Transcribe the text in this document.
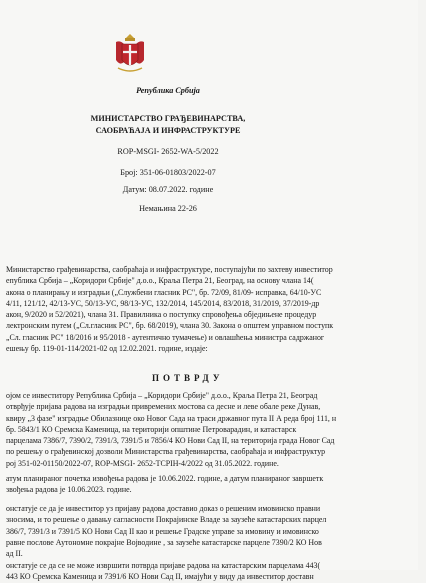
Република Србија
МИНИСТАРСТВО ГРАЂЕВИНАРСТВА,
САОБРАЋАЈА И ИНФРАСТРУКТУРЕ
ROP-MSGI- 2652-WA-5/2022
Број: 351-06-01803/2022-07
Датум: 08.07.2022. године
Немањина 22-26
Министарство грађевинарства, саобраћаја и инфраструктуре, поступајући по захтеву инвеститор
епублика Србија – „Коридори Србије" д.о.о., Краља Петра 21, Београд, на основу члана 14(
акона о планирању и изградњи („Службени гласник РС", бр. 72/09, 81/09- исправка, 64/10-УС
4/11, 121/12, 42/13-УС, 50/13-УС, 98/13-УС, 132/2014, 145/2014, 83/2018, 31/2019, 37/2019-др
акон, 9/2020 и 52/2021), члана 31. Правилника о поступку спровођења обједињене процедур
лектронским путем („Сл.гласник РС", бр. 68/2019), члана 30. Закона о општем управном поступк
„Сл. гласник РС" 18/2016 и 95/2018 - аутентично тумачење) и овлашћења министра садржаног
ешењу бр. 119-01-114/2021-02 од 12.02.2021. године, издаје:
ПОТВРДУ
ојом се инвеститору Република Србија – „Коридори Србије" д.о.о., Краља Петра 21, Београд
отврђује пријава радова на изградњи привремених мостова са десне и леве обале реке Дунав,
квиру „3 фазе" изградње Обилазнице око Новог Сада на траси државног пута II А реда број 111, н
бр. 5843/1 КО Сремска Каменица, на територији општине Петроварадин, и катастарск
парцелама 7386/7, 7390/2, 7391/3, 7391/5 и 7856/4 КО Нови Сад II, на територија града Новог Сад
по решењу о грађевинској дозволи Министарства грађевинарства, саобраћаја и инфраструктур
рој 351-02-01150/2022-07, ROP-MSGI- 2652-ТСРIН-4/2022 од 31.05.2022. године.
атум планираног почетка извођења радова је 10.06.2022. године, а датум планираног завршетк
звођења радова је 10.06.2023. године.
онстатује се да је инвеститор уз пријаву радова доставио доказ о решеним имовинско правни
зносима, и то решење о давању сагласности Покрајинске Владе за заузеће катастарских парцел
386/7, 7391/3 и 7391/5 КО Нови Сад II као и решење Градске управе за имовину и имовинско
равне послове Аутономне покрајне Војводине , за заузеће катастарске парцеле 7390/2 КО Нов
ад II.
онстатује се да се не може извршити потврда пријаве радова на катастарским парцелама 443(
443 КО Сремска Каменица и 7391/6 КО Нови Сад II, имајући у виду да инвеститор доставн
